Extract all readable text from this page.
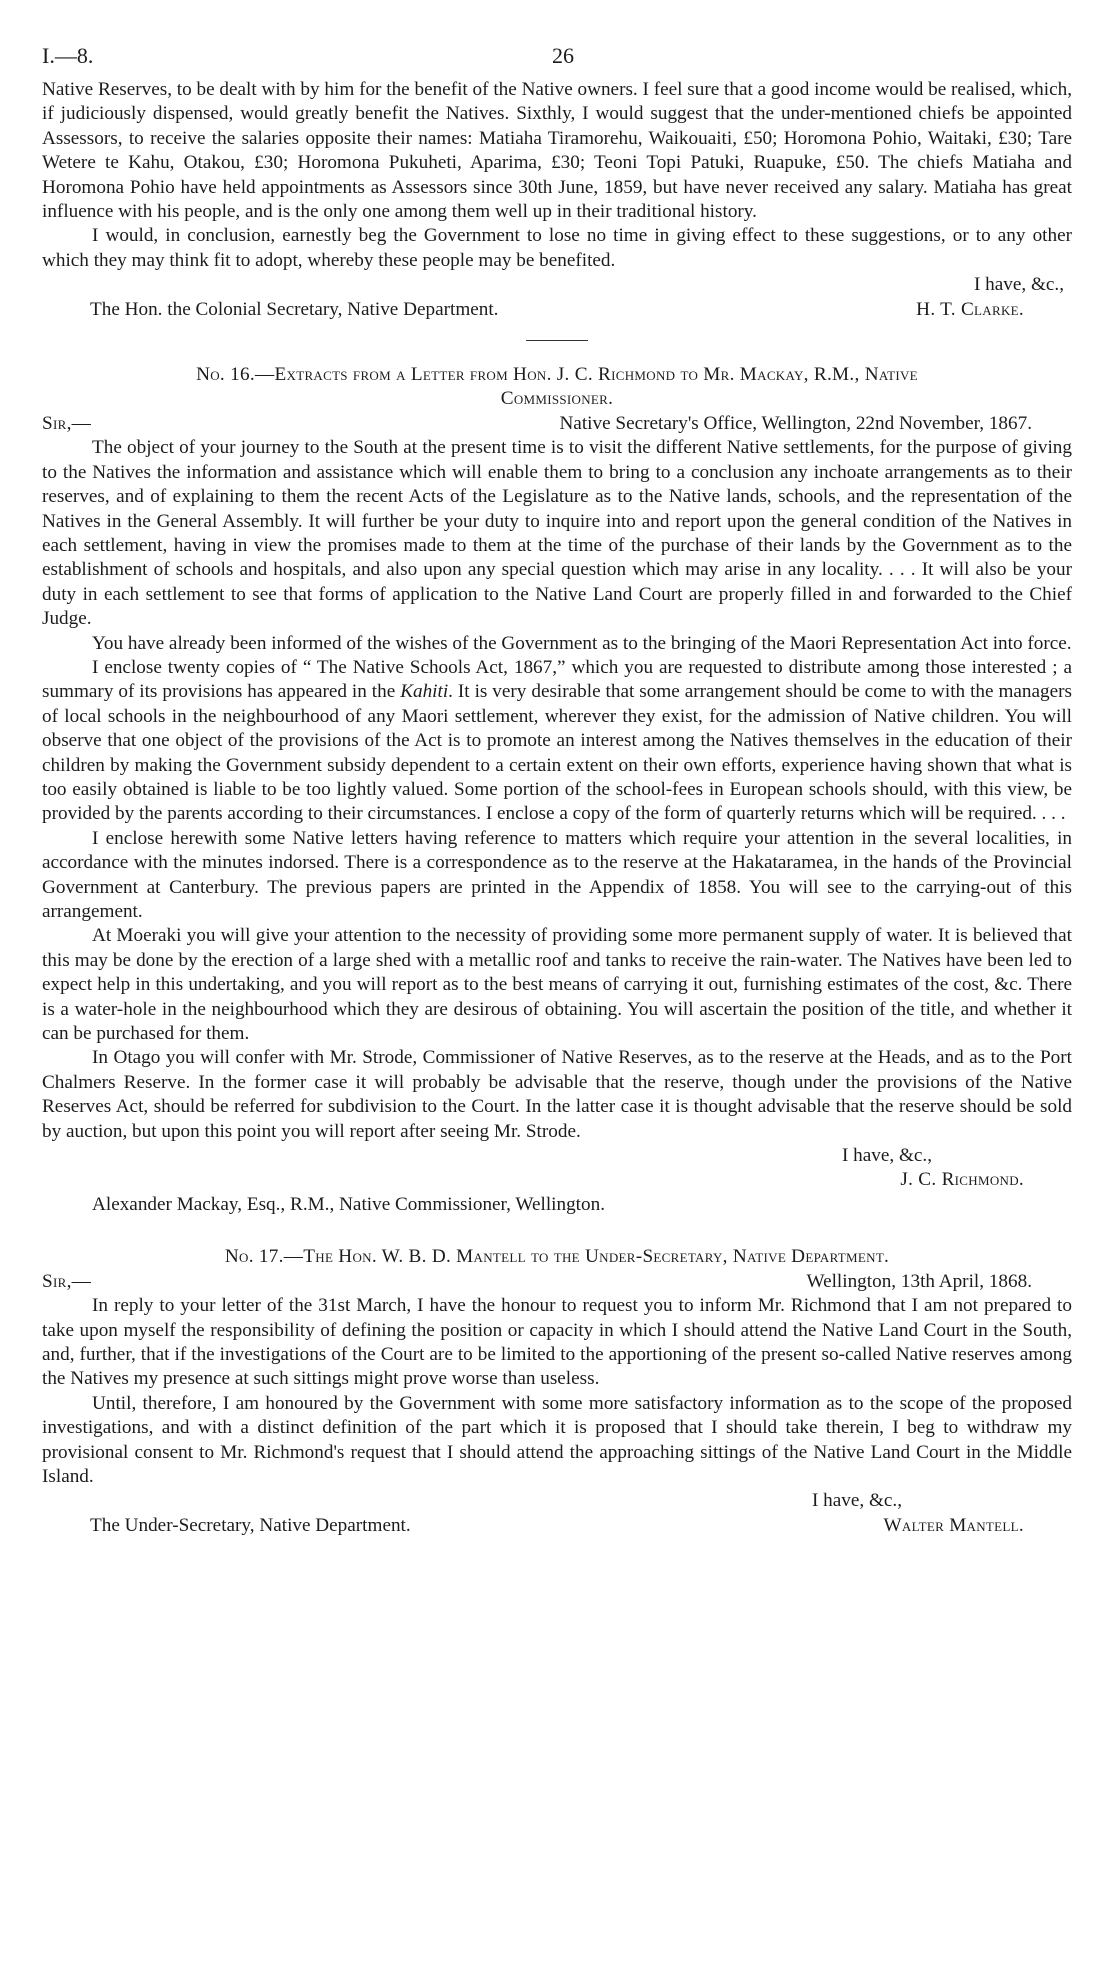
I.—8.	26

Native Reserves, to be dealt with by him for the benefit of the Native owners. I feel sure that a good income would be realised, which, if judiciously dispensed, would greatly benefit the Natives. Sixthly, I would suggest that the under-mentioned chiefs be appointed Assessors, to receive the salaries opposite their names: Matiaha Tiramorehu, Waikouaiti, £50; Horomona Pohio, Waitaki, £30; Tare Wetere te Kahu, Otakou, £30; Horomona Pukuheti, Aparima, £30; Teoni Topi Patuki, Ruapuke, £50. The chiefs Matiaha and Horomona Pohio have held appointments as Assessors since 30th June, 1859, but have never received any salary. Matiaha has great influence with his people, and is the only one among them well up in their traditional history.

I would, in conclusion, earnestly beg the Government to lose no time in giving effect to these suggestions, or to any other which they may think fit to adopt, whereby these people may be benefited.

I have, &c.,
The Hon. the Colonial Secretary, Native Department.	H. T. Clarke.
No. 16.—Extracts from a Letter from Hon. J. C. Richmond to Mr. Mackay, R.M., Native
Commissioner.
Sir,—	Native Secretary's Office, Wellington, 22nd November, 1867.

The object of your journey to the South at the present time is to visit the different Native settlements, for the purpose of giving to the Natives the information and assistance which will enable them to bring to a conclusion any inchoate arrangements as to their reserves, and of explaining to them the recent Acts of the Legislature as to the Native lands, schools, and the representation of the Natives in the General Assembly. It will further be your duty to inquire into and report upon the general condition of the Natives in each settlement, having in view the promises made to them at the time of the purchase of their lands by the Government as to the establishment of schools and hospitals, and also upon any special question which may arise in any locality. . . . It will also be your duty in each settlement to see that forms of application to the Native Land Court are properly filled in and forwarded to the Chief Judge.

You have already been informed of the wishes of the Government as to the bringing of the Maori Representation Act into force.

I enclose twenty copies of “ The Native Schools Act, 1867,” which you are requested to distribute among those interested ; a summary of its provisions has appeared in the Kahiti. It is very desirable that some arrangement should be come to with the managers of local schools in the neighbourhood of any Maori settlement, wherever they exist, for the admission of Native children. You will observe that one object of the provisions of the Act is to promote an interest among the Natives themselves in the education of their children by making the Government subsidy dependent to a certain extent on their own efforts, experience having shown that what is too easily obtained is liable to be too lightly valued. Some portion of the school-fees in European schools should, with this view, be provided by the parents according to their circumstances. I enclose a copy of the form of quarterly returns which will be required. . . .

I enclose herewith some Native letters having reference to matters which require your attention in the several localities, in accordance with the minutes indorsed. There is a correspondence as to the reserve at the Hakataramea, in the hands of the Provincial Government at Canterbury. The previous papers are printed in the Appendix of 1858. You will see to the carrying-out of this arrangement.

At Moeraki you will give your attention to the necessity of providing some more permanent supply of water. It is believed that this may be done by the erection of a large shed with a metallic roof and tanks to receive the rain-water. The Natives have been led to expect help in this undertaking, and you will report as to the best means of carrying it out, furnishing estimates of the cost, &c. There is a water-hole in the neighbourhood which they are desirous of obtaining. You will ascertain the position of the title, and whether it can be purchased for them.

In Otago you will confer with Mr. Strode, Commissioner of Native Reserves, as to the reserve at the Heads, and as to the Port Chalmers Reserve. In the former case it will probably be advisable that the reserve, though under the provisions of the Native Reserves Act, should be referred for subdivision to the Court. In the latter case it is thought advisable that the reserve should be sold by auction, but upon this point you will report after seeing Mr. Strode.

I have, &c.,
J. C. Richmond.
Alexander Mackay, Esq., R.M., Native Commissioner, Wellington.
No. 17.—The Hon. W. B. D. Mantell to the Under-Secretary, Native Department.
Sir,—	Wellington, 13th April, 1868.

In reply to your letter of the 31st March, I have the honour to request you to inform Mr. Richmond that I am not prepared to take upon myself the responsibility of defining the position or capacity in which I should attend the Native Land Court in the South, and, further, that if the investigations of the Court are to be limited to the apportioning of the present so-called Native reserves among the Natives my presence at such sittings might prove worse than useless.

Until, therefore, I am honoured by the Government with some more satisfactory information as to the scope of the proposed investigations, and with a distinct definition of the part which it is proposed that I should take therein, I beg to withdraw my provisional consent to Mr. Richmond's request that I should attend the approaching sittings of the Native Land Court in the Middle Island.

I have, &c.,
The Under-Secretary, Native Department.	Walter Mantell.
